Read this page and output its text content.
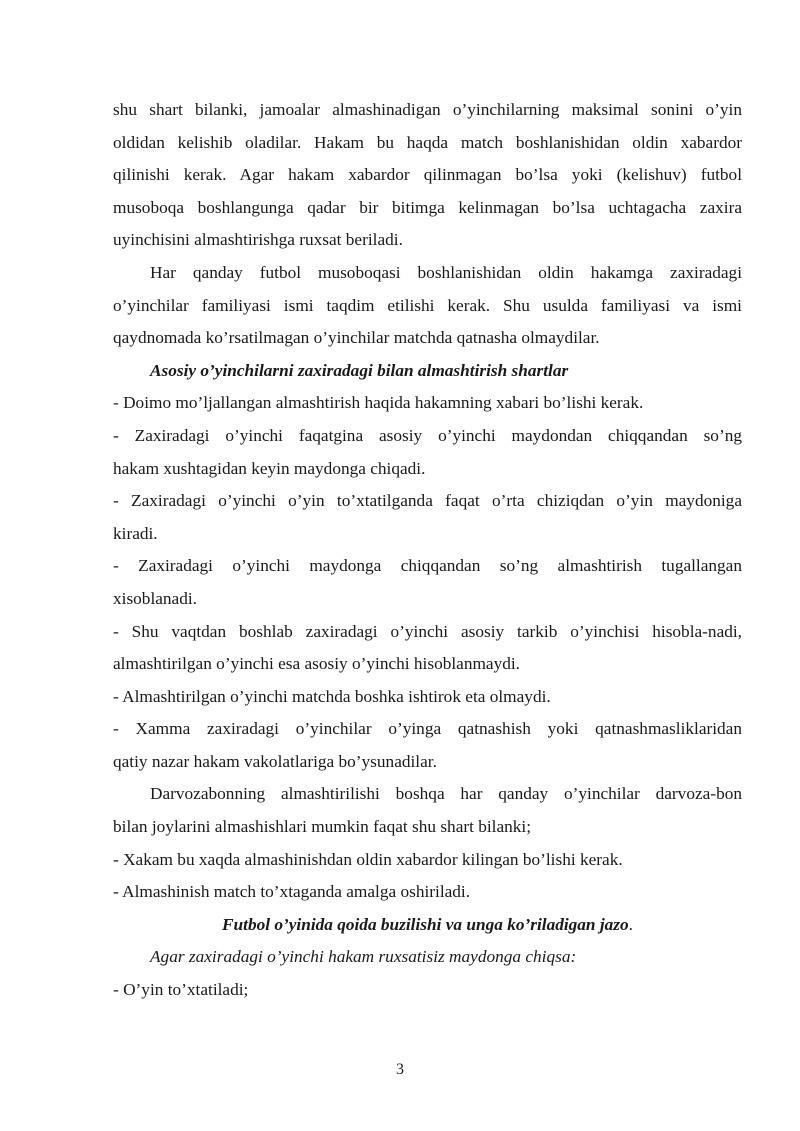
shu shart bilanki, jamoalar almashinadigan o’yinchilarning maksimal sonini o’yin
oldidan kelishib oladilar. Hakam bu haqda match boshlanishidan oldin xabardor
qilinishi kerak. Agar hakam xabardor qilinmagan bo’lsa yoki (kelishuv) futbol
musoboqa boshlangunga qadar bir bitimga kelinmagan bo’lsa uchtagacha zaxira
uyinchisini almashtirishga ruxsat beriladi.
Har qanday futbol musoboqasi boshlanishidan oldin hakamga zaxiradagi
o’yinchilar familiyasi ismi taqdim etilishi kerak. Shu usulda familiyasi va ismi
qaydnomada ko’rsatilmagan o’yinchilar matchda qatnasha olmaydilar.
Asosiy o’yinchilarni zaxiradagi bilan almashtirish shartlar
- Doimo mo’ljallangan almashtirish haqida hakamning xabari bo’lishi kerak.
- Zaxiradagi o’yinchi faqatgina asosiy o’yinchi maydondan chiqqandan so’ng
hakam xushtagidan keyin maydonga chiqadi.
- Zaxiradagi o’yinchi o’yin to’xtatilganda faqat o’rta chiziqdan o’yin maydoniga
kiradi.
- Zaxiradagi o’yinchi maydonga chiqqandan so’ng almashtirish tugallangan
xisoblanadi.
- Shu vaqtdan boshlab zaxiradagi o’yinchi asosiy tarkib o’yinchisi hisobla-nadi,
almashtirilgan o’yinchi esa asosiy o’yinchi hisoblanmaydi.
- Almashtirilgan o’yinchi matchda boshka ishtirok eta olmaydi.
- Xamma zaxiradagi o’yinchilar o’yinga qatnashish yoki qatnashmasliklaridan
qatiy nazar hakam vakolatlariga bo’ysunadilar.
Darvozabonning almashtirilishi boshqa har qanday o’yinchilar darvoza-bon
bilan joylarini almashishlari mumkin faqat shu shart bilanki;
- Xakam bu xaqda almashinishdan oldin xabardor kilingan bo’lishi kerak.
- Almashinish match to’xtaganda amalga oshiriladi.
Futbol o’yinida qoida buzilishi va unga ko’riladigan jazo.
Agar zaxiradagi o’yinchi hakam ruxsatisiz maydonga chiqsa:
- O’yin to’xtatiladi;
3
